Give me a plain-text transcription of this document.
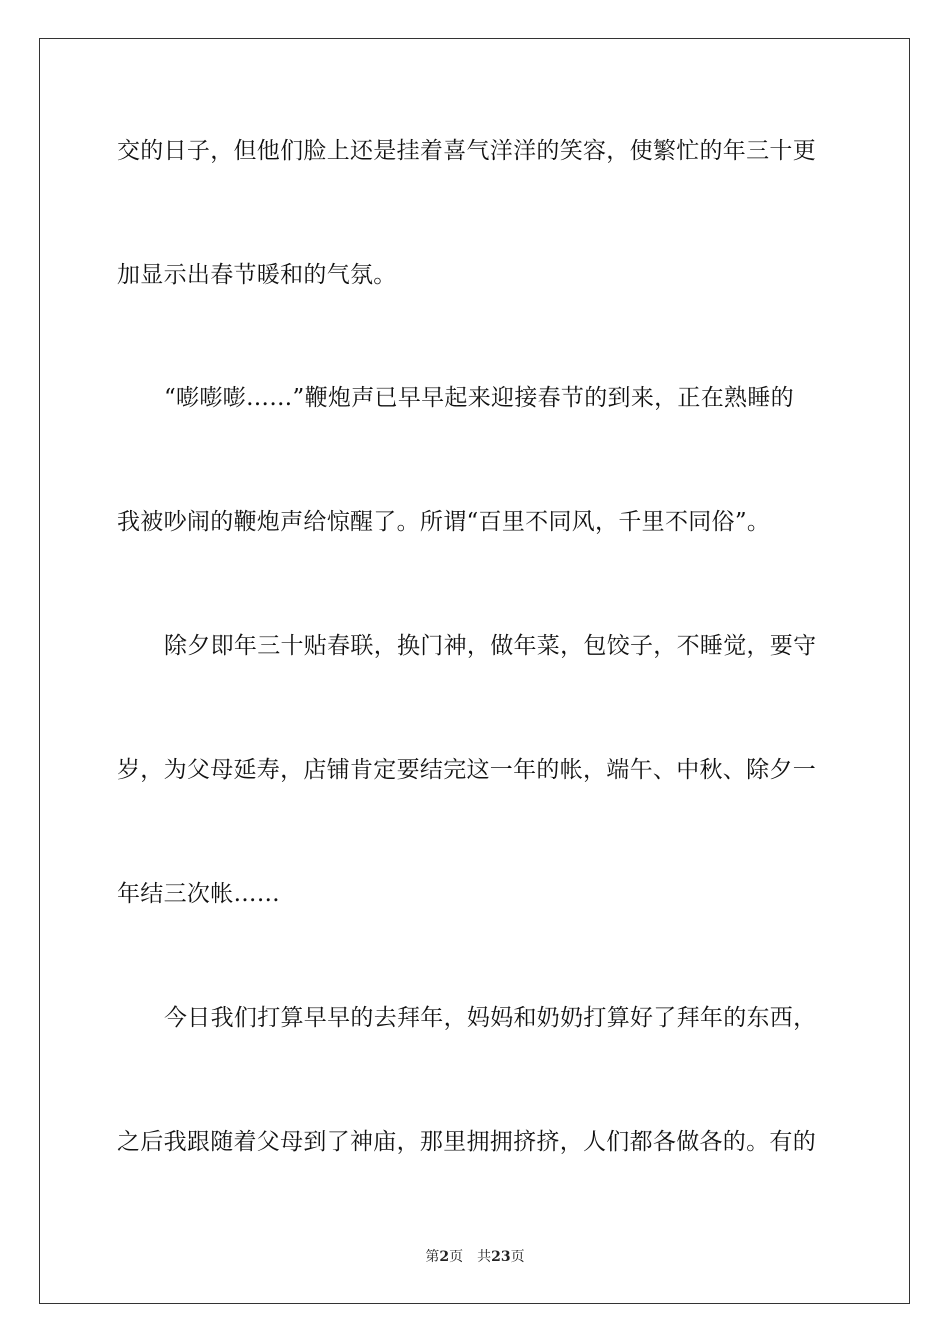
交的日子，但他们脸上还是挂着喜气洋洋的笑容，使繁忙的年三十更
加显示出春节暖和的气氛。
“嘭嘭嘭……”鞭炮声已早早起来迎接春节的到来，正在熟睡的
我被吵闹的鞭炮声给惊醒了。所谓“百里不同风，千里不同俗”。
除夕即年三十贴春联，换门神，做年菜，包饺子，不睡觉，要守
岁，为父母延寿，店铺肯定要结完这一年的帐，端午、中秋、除夕一
年结三次帐……
今日我们打算早早的去拜年，妈妈和奶奶打算好了拜年的东西，
之后我跟随着父母到了神庙，那里拥拥挤挤，人们都各做各的。有的
第2页 共23页
